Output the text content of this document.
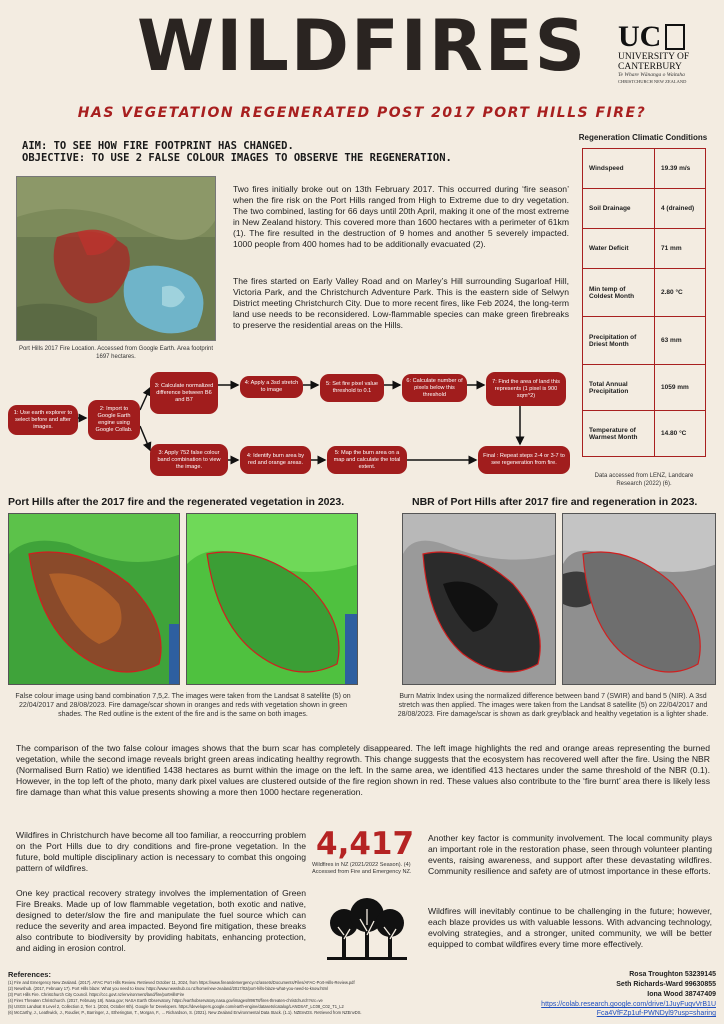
WILDFIRES	UC
UNIVERSITY OF
CANTERBURY
Te Whare Wānanga o Waitaha
CHRISTCHURCH NEW ZEALAND
HAS VEGETATION REGENERATED POST 2017 PORT HILLS FIRE?
AIM: TO SEE HOW FIRE FOOTPRINT HAS CHANGED.
OBJECTIVE: TO USE 2 FALSE COLOUR IMAGES TO OBSERVE THE REGENERATION.
Regeneration Climatic Conditions
Windspeed	19.39 m/s
Soil Drainage	4 (drained)
Water Deficit	71 mm
Min temp of Coldest Month	2.80 °C
Precipitation of Driest Month	63 mm
Total Annual Precipitation	1059 mm
Temperature of Warmest Month	14.80 °C
Data accessed from LENZ, Landcare Research (2022) (6).
Port Hills 2017 Fire Location. Accessed from Google Earth. Area footprint 1697 hectares.
Two fires initially broke out on 13th February 2017. This occurred during ‘fire season’ when the fire risk on the Port Hills ranged from High to Extreme due to dry vegetation. The two combined, lasting for 66 days until 20th April, making it one of the most extreme in New Zealand history. This covered more than 1600 hectares with a perimeter of 61km (1). The fire resulted in the destruction of 9 homes and another 5 severely impacted. 1000 people from 400 homes had to be additionally evacuated (2).
The fires started on Early Valley Road and on Marley’s Hill surrounding Sugarloaf Hill, Victoria Park, and the Christchurch Adventure Park. This is the eastern side of Selwyn District meeting Christchurch City. Due to more recent fires, like Feb 2024, the long-term land use needs to be reconsidered. Low-flammable species can make green firebreaks to preserve the residential areas on the Hills.
1: Use earth explorer to select before and after images.
2: Import to Google Earth engine using Google Collab.
3: Calculate normalized difference between B6 and B7
4: Apply a 3sd stretch to image
5: Set fire pixel value threshold to 0.1
6: Calculate number of pixels below this threshold
7: Find the area of land this represents (1 pixel is 900 sqm^2)
3: Apply 752 false colour band combination to view the image.
4: Identify burn area by red and orange areas.
5: Map the burn area on a map and calculate the total extent.
Final : Repeat steps 2-4 or 3-7 to see regeneration from fire.
Port Hills after the 2017 fire and the regenerated vegetation in 2023.
False colour image using band combination 7,5,2. The images were taken from the Landsat 8 satellite (5) on 22/04/2017 and 28/08/2023. Fire damage/scar shown in oranges and reds with vegetation shown in green shades. The Red outline is the extent of the fire and is the same on both images.
NBR of Port Hills after 2017 fire and regeneration in 2023.
Burn Matrix Index using the normalized difference between band 7 (SWIR) and band 5 (NIR). A 3sd stretch was then applied. The images were taken from the Landsat 8 satellite (5) on 22/04/2017 and 28/08/2023. Fire damage/scar is shown as dark grey/black and healthy vegetation is a lighter shade.
The comparison of the two false colour images shows that the burn scar has completely disappeared. The left image highlights the red and orange areas representing the burned vegetation, while the second image reveals bright green areas indicating healthy regrowth. This change suggests that the ecosystem has recovered well after the fire. Using the NBR (Normalised Burn Ratio) we identified 1438 hectares as burnt within the image on the left. In the same area, we identified 413 hectares under the same threshold of the NBR (0.1). However, in the top left of the photo, many dark pixel values are clustered outside of the fire region shown in red. These values also contribute to the ‘fire burnt’ area there is likely less fire damage than what this value presents showing a more then 1000 hectare regeneration.
Wildfires in Christchurch have become all too familiar, a reoccurring problem on the Port Hills due to dry conditions and fire-prone vegetation. In the future, bold multiple disciplinary action is necessary to combat this ongoing pattern of wildfires.
One key practical recovery strategy involves the implementation of Green Fire Breaks. Made up of low flammable vegetation, both exotic and native, designed to deter/slow the fire and manipulate the fuel source which can reduce the severity and area impacted. Beyond fire mitigation, these breaks also contribute to biodiversity by providing habitats, enhancing protection, and aiding in erosion control.
4,417
Wildfires in NZ (2021/2022 Season). (4) Accessed from Fire and Emergency NZ.
Another key factor is community involvement. The local community plays an important role in the restoration phase, seen through volunteer planting events, raising awareness, and support after these devastating wildfires. Community resilience and safety are of utmost importance in these efforts.
Wildfires will inevitably continue to be challenging in the future; however, each blaze provides us with valuable lessons. With advancing technology, evolving strategies, and a stronger, united community, we will be better equipped to combat wildfires every time more effectively.
References:
(1) Fire and Emergency New Zealand. (2017). AFAC Port Hills Review. Retrieved October 11, 2024, from https://www.fireandemergency.nz/assets/Documents/Files/AFAC-Port-Hills-Review.pdf
(2) Newshub. (2017, February 17). Port Hills blaze: What you need to know. https://www.newshub.co.nz/home/new-zealand/2017/02/port-hills-blaze-what-you-need-to-know.html
(3) Port Hills Fire. Christchurch City Council. https://ccc.govt.nz/environment/land/fire/portHillsFire
(4) Fires Threaten Christchurch. (2017, February 18). Nasa.gov; NASA Earth Observatory. https://earthobservatory.nasa.gov/images/89678/fires-threaten-christchurch?src=ve
(5) USGS Landsat 8 Level 2, Collection 2, Tier 1. (2024, October 6th). Google for Developers. https://developers.google.com/earth-engine/datasets/catalog/LANDSAT_LC08_C02_T1_L2
(6) McCarthy, J., Leathwick, J., Roudier, P., Barringer, J., Etherington, T., Morgan, F., ... Richardson, S. (2021). New Zealand Environmental Data Stack. (1.1). NZEnvDS. Retrieved from NZEnvDS.
Rosa Troughton 53239145
Seth Richards-Ward 99630855
Iona Wood 38747409
https://colab.research.google.com/drive/1JuyFuqvVrB1UFca4VfFZp1uf-PWNDyl9?usp=sharing
